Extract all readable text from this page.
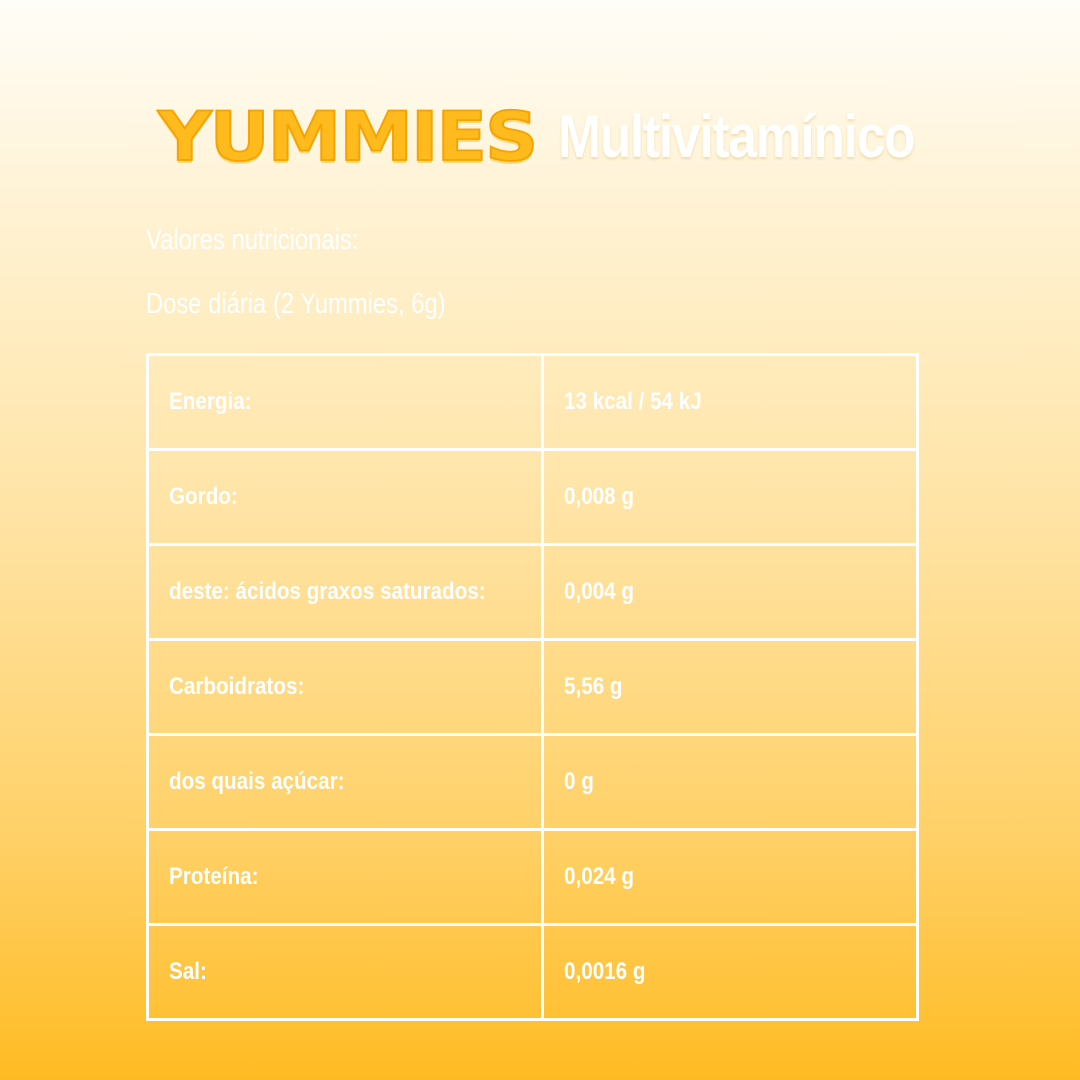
YUMMIES Multivitamínico
Valores nutricionais:
Dose diária (2 Yummies, 6g)
Energia:	13 kcal / 54 kJ
Gordo:	0,008 g
deste: ácidos graxos saturados:	0,004 g
Carboidratos:	5,56 g
dos quais açúcar:	0 g
Proteína:	0,024 g
Sal:	0,0016 g
